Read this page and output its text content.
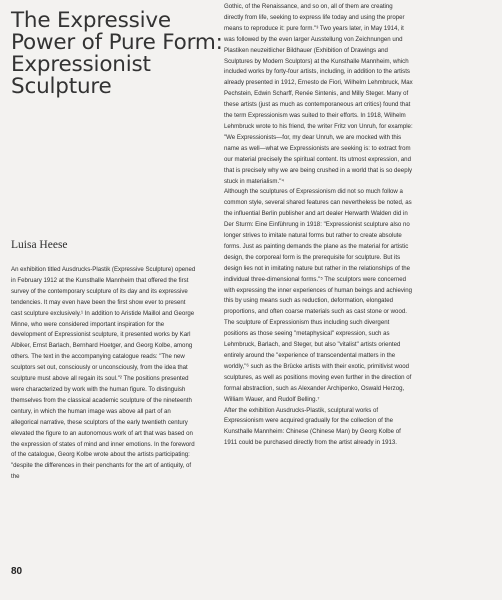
The Expressive
Power of Pure Form:
Expressionist
Sculpture
Luisa Heese

An exhibition titled Ausdrucks-Plastik (Expressive Sculpture) opened in February 1912 at the Kunsthalle Mannheim that offered the first survey of the contemporary sculpture of its day and its expressive tendencies. It may even have been the first show ever to present cast sculpture exclusively.¹ In addition to Aristide Maillol and George Minne, who were considered important inspiration for the development of Expressionist sculpture, it presented works by Karl Albiker, Ernst Barlach, Bernhard Hoetger, and Georg Kolbe, among others. The text in the accompanying catalogue reads: "The new sculptors set out, consciously or unconsciously, from the idea that sculpture must above all regain its soul."² The positions presented were characterized by work with the human figure. To distinguish themselves from the classical academic sculpture of the nineteenth century, in which the human image was above all part of an allegorical narrative, these sculptors of the early twentieth century elevated the figure to an autonomous work of art that was based on the expression of states of mind and inner emotions. In the foreword of the catalogue, Georg Kolbe wrote about the artists participating: "despite the differences in their penchants for the art of antiquity, of the

Gothic, of the Renaissance, and so on, all of them are creating directly from life, seeking to express life today and using the proper means to reproduce it: pure form."³ Two years later, in May 1914, it was followed by the even larger Ausstellung von Zeichnungen und Plastiken neuzeitlicher Bildhauer (Exhibition of Drawings and Sculptures by Modern Sculptors) at the Kunsthalle Mannheim, which included works by forty-four artists, including, in addition to the artists already presented in 1912, Ernesto de Fiori, Wilhelm Lehmbruck, Max Pechstein, Edwin Scharff, Renée Sintenis, and Milly Steger. Many of these artists (just as much as contemporaneous art critics) found that the term Expressionism was suited to their efforts. In 1918, Wilhelm Lehmbruck wrote to his friend, the writer Fritz von Unruh, for example: "We Expressionists—for, my dear Unruh, we are mocked with this name as well—what we Expressionists are seeking is: to extract from our material precisely the spiritual content. Its utmost expression, and that is precisely why we are being crushed in a world that is so deeply stuck in materialism."⁴

Although the sculptures of Expressionism did not so much follow a common style, several shared features can nevertheless be noted, as the influential Berlin publisher and art dealer Herwarth Walden did in Der Sturm: Eine Einführung in 1918: "Expressionist sculpture also no longer strives to imitate natural forms but rather to create absolute forms. Just as painting demands the plane as the material for artistic design, the corporeal form is the prerequisite for sculpture. But its design lies not in imitating nature but rather in the relationships of the individual three-dimensional forms."⁵ The sculptors were concerned with expressing the inner experiences of human beings and achieving this by using means such as reduction, deformation, elongated proportions, and often coarse materials such as cast stone or wood. The sculpture of Expressionism thus including such divergent positions as those seeing "metaphysical" expression, such as Lehmbruck, Barlach, and Steger, but also "vitalist" artists oriented entirely around the "experience of transcendental matters in the worldly,"⁶ such as the Brücke artists with their exotic, primitivist wood sculptures, as well as positions moving even further in the direction of formal abstraction, such as Alexander Archipenko, Oswald Herzog, William Wauer, and Rudolf Belling.⁷

After the exhibition Ausdrucks-Plastik, sculptural works of Expressionism were acquired gradually for the collection of the Kunsthalle Mannheim: Chinese (Chinese Man) by Georg Kolbe of 1911 could be purchased directly from the artist already in 1913.

80
